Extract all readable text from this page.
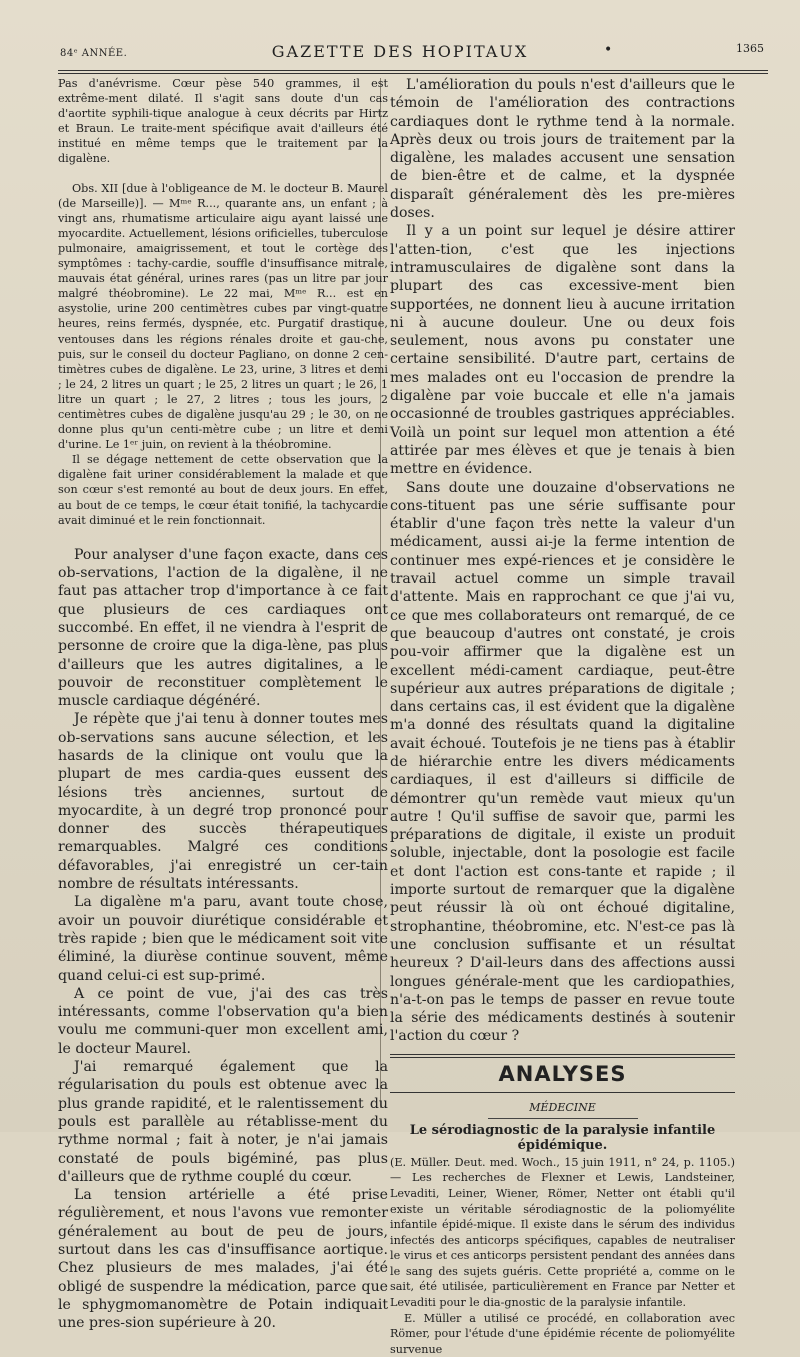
84ᵉ ANNÉE.	GAZETTE DES HOPITAUX	•	1365

Pas d'anévrisme. Cœur pèse 540 grammes, il est extrême-ment dilaté. Il s'agit sans doute d'un cas d'aortite syphili-tique analogue à ceux décrits par Hirtz et Braun. Le traite-ment spécifique avait d'ailleurs été institué en même temps que le traitement par la digalène.

Obs. XII [due à l'obligeance de M. le docteur B. Maurel (de Marseille)]. — Mᵐᵉ R..., quarante ans, un enfant ; à vingt ans, rhumatisme articulaire aigu ayant laissé une myocardite. Actuellement, lésions orificielles, tuberculose pulmonaire, amaigrissement, et tout le cortège des symptômes : tachy-cardie, souffle d'insuffisance mitrale, mauvais état général, urines rares (pas un litre par jour malgré théobromine). Le 22 mai, Mᵐᵉ R... est en asystolie, urine 200 centimètres cubes par vingt-quatre heures, reins fermés, dyspnée, etc. Purgatif drastique, ventouses dans les régions rénales droite et gau-che, puis, sur le conseil du docteur Pagliano, on donne 2 cen-timètres cubes de digalène. Le 23, urine, 3 litres et demi ; le 24, 2 litres un quart ; le 25, 2 litres un quart ; le 26, 1 litre un quart ; le 27, 2 litres ; tous les jours, 2 centimètres cubes de digalène jusqu'au 29 ; le 30, on ne donne plus qu'un centi-mètre cube ; un litre et demi d'urine. Le 1ᵉʳ juin, on revient à la théobromine.

Il se dégage nettement de cette observation que la digalène fait uriner considérablement la malade et que son cœur s'est remonté au bout de deux jours. En effet, au bout de ce temps, le cœur était tonifié, la tachycardie avait diminué et le rein fonctionnait.

Pour analyser d'une façon exacte, dans ces ob-servations, l'action de la digalène, il ne faut pas attacher trop d'importance à ce fait que plusieurs de ces cardiaques ont succombé. En effet, il ne viendra à l'esprit de personne de croire que la diga-lène, pas plus d'ailleurs que les autres digitalines, a le pouvoir de reconstituer complètement le muscle cardiaque dégénéré.

Je répète que j'ai tenu à donner toutes mes ob-servations sans aucune sélection, et les hasards de la clinique ont voulu que la plupart de mes cardia-ques eussent des lésions très anciennes, surtout de myocardite, à un degré trop prononcé pour donner des succès thérapeutiques remarquables. Malgré ces conditions défavorables, j'ai enregistré un cer-tain nombre de résultats intéressants.

La digalène m'a paru, avant toute chose, avoir un pouvoir diurétique considérable et très rapide ; bien que le médicament soit vite éliminé, la diurèse continue souvent, même quand celui-ci est sup-primé.

A ce point de vue, j'ai des cas très intéressants, comme l'observation qu'a bien voulu me communi-quer mon excellent ami, le docteur Maurel.

J'ai remarqué également que la régularisation du pouls est obtenue avec la plus grande rapidité, et le ralentissement du pouls est parallèle au rétablisse-ment du rythme normal ; fait à noter, je n'ai jamais constaté de pouls bigéminé, pas plus d'ailleurs que de rythme couplé du cœur.

La tension artérielle a été prise régulièrement, et nous l'avons vue remonter généralement au bout de peu de jours, surtout dans les cas d'insuffisance aortique. Chez plusieurs de mes malades, j'ai été obligé de suspendre la médication, parce que le sphygmomanomètre de Potain indiquait une pres-sion supérieure à 20.

L'amélioration du pouls n'est d'ailleurs que le témoin de l'amélioration des contractions cardiaques dont le rythme tend à la normale. Après deux ou trois jours de traitement par la digalène, les malades accusent une sensation de bien-être et de calme, et la dyspnée disparaît généralement dès les pre-mières doses.

Il y a un point sur lequel je désire attirer l'atten-tion, c'est que les injections intramusculaires de digalène sont dans la plupart des cas excessive-ment bien supportées, ne donnent lieu à aucune irritation ni à aucune douleur. Une ou deux fois seulement, nous avons pu constater une certaine sensibilité. D'autre part, certains de mes malades ont eu l'occasion de prendre la digalène par voie buccale et elle n'a jamais occasionné de troubles gastriques appréciables. Voilà un point sur lequel mon attention a été attirée par mes élèves et que je tenais à bien mettre en évidence.

Sans doute une douzaine d'observations ne cons-tituent pas une série suffisante pour établir d'une façon très nette la valeur d'un médicament, aussi ai-je la ferme intention de continuer mes expé-riences et je considère le travail actuel comme un simple travail d'attente. Mais en rapprochant ce que j'ai vu, ce que mes collaborateurs ont remarqué, de ce que beaucoup d'autres ont constaté, je crois pou-voir affirmer que la digalène est un excellent médi-cament cardiaque, peut-être supérieur aux autres préparations de digitale ; dans certains cas, il est évident que la digalène m'a donné des résultats quand la digitaline avait échoué. Toutefois je ne tiens pas à établir de hiérarchie entre les divers médicaments cardiaques, il est d'ailleurs si difficile de démontrer qu'un remède vaut mieux qu'un autre ! Qu'il suffise de savoir que, parmi les préparations de digitale, il existe un produit soluble, injectable, dont la posologie est facile et dont l'action est cons-tante et rapide ; il importe surtout de remarquer que la digalène peut réussir là où ont échoué digitaline, strophantine, théobromine, etc. N'est-ce pas là une conclusion suffisante et un résultat heureux ? D'ail-leurs dans des affections aussi longues générale-ment que les cardiopathies, n'a-t-on pas le temps de passer en revue toute la série des médicaments destinés à soutenir l'action du cœur ?

ANALYSES
MÉDECINE
Le sérodiagnostic de la paralysie infantile épidémique.

(E. Müller. Deut. med. Woch., 15 juin 1911, n° 24, p. 1105.) — Les recherches de Flexner et Lewis, Landsteiner, Levaditi, Leiner, Wiener, Römer, Netter ont établi qu'il existe un véritable sérodiagnostic de la poliomyélite infantile épidé-mique. Il existe dans le sérum des individus infectés des anticorps spécifiques, capables de neutraliser le virus et ces anticorps persistent pendant des années dans le sang des sujets guéris. Cette propriété a, comme on le sait, été utilisée, particulièrement en France par Netter et Levaditi pour le dia-gnostic de la paralysie infantile.

E. Müller a utilisé ce procédé, en collaboration avec Römer, pour l'étude d'une épidémie récente de poliomyélite survenue
